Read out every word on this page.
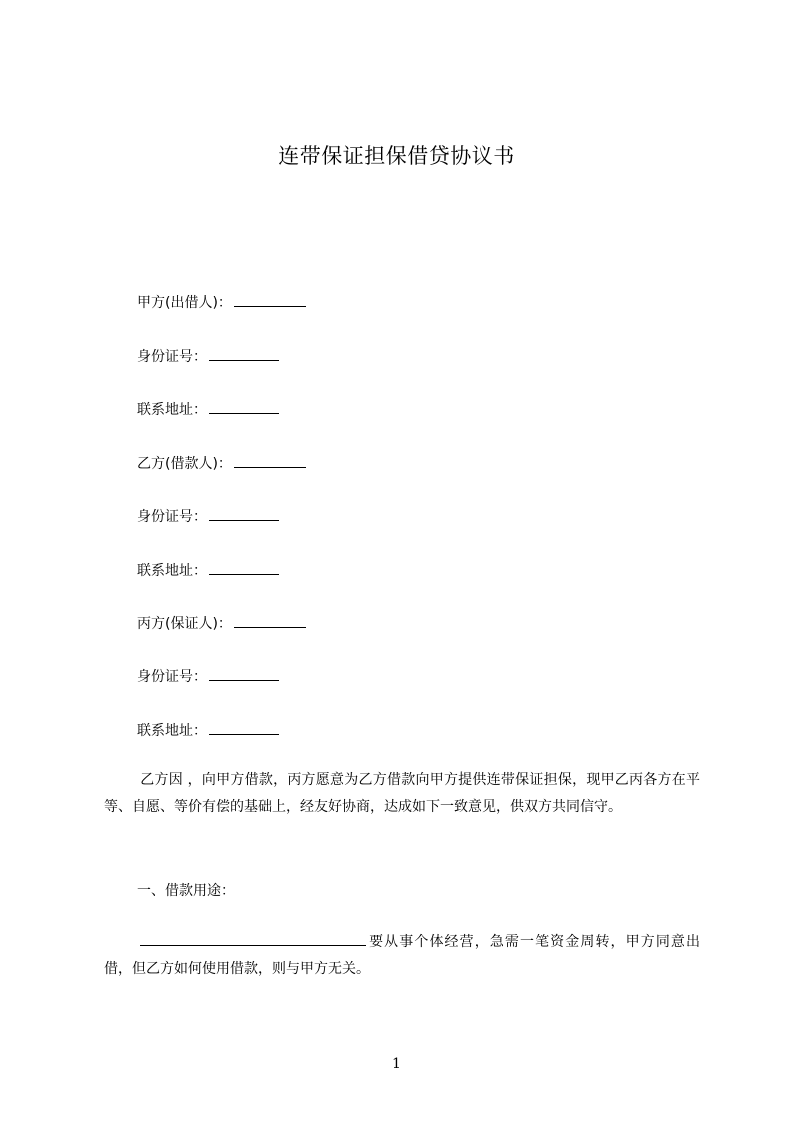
连带保证担保借贷协议书
甲方(出借人)：
身份证号：
联系地址：
乙方(借款人)：
身份证号：
联系地址：
丙方(保证人)：
身份证号：
联系地址：
乙方因 ，向甲方借款，丙方愿意为乙方借款向甲方提供连带保证担保，现甲乙丙各方在平等、自愿、等价有偿的基础上，经友好协商，达成如下一致意见，供双方共同信守。
一、借款用途：
要从事个体经营，急需一笔资金周转，甲方同意出借，但乙方如何使用借款，则与甲方无关。
1
